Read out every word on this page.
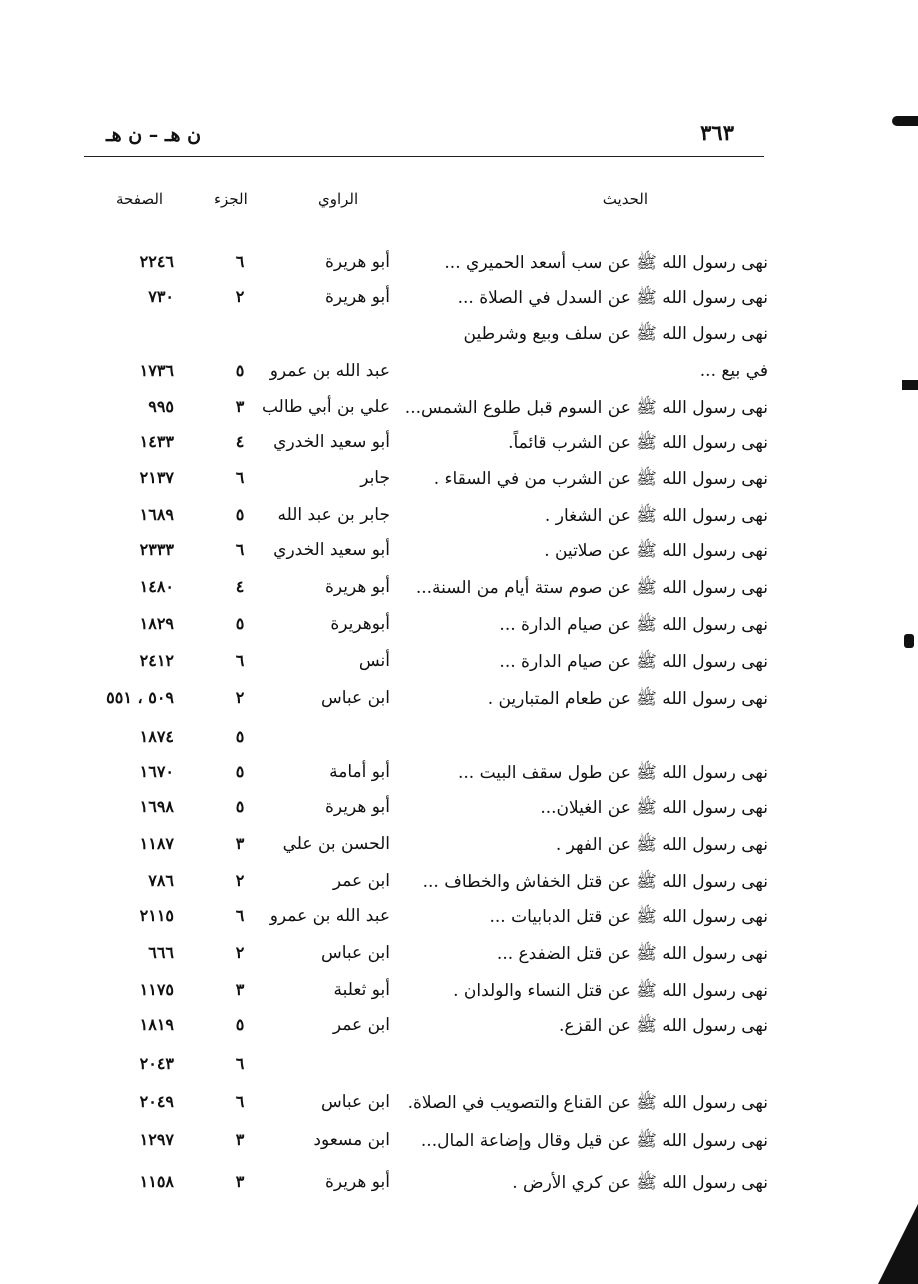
٣٦٣
ن هـ – ن هـ
الحديث
الراوي
الجزء
الصفحة
نهى رسول الله ﷺ عن سب أسعد الحميري ...
أبو هريرة
٦
٢٢٤٦
نهى رسول الله ﷺ عن السدل في الصلاة ...
أبو هريرة
٢
٧٣٠
نهى رسول الله ﷺ عن سلف وبيع وشرطين
في بيع ...
عبد الله بن عمرو
٥
١٧٣٦
نهى رسول الله ﷺ عن السوم قبل طلوع الشمس...
علي بن أبي طالب
٣
٩٩٥
نهى رسول الله ﷺ عن الشرب قائماً.
أبو سعيد الخدري
٤
١٤٣٣
نهى رسول الله ﷺ عن الشرب من في السقاء .
جابر
٦
٢١٣٧
نهى رسول الله ﷺ عن الشغار .
جابر بن عبد الله
٥
١٦٨٩
نهى رسول الله ﷺ عن صلاتين .
أبو سعيد الخدري
٦
٢٣٣٣
نهى رسول الله ﷺ عن صوم ستة أيام من السنة...
أبو هريرة
٤
١٤٨٠
نهى رسول الله ﷺ عن صيام الدارة ...
أبوهريرة
٥
١٨٢٩
نهى رسول الله ﷺ عن صيام الدارة ...
أنس
٦
٢٤١٢
نهى رسول الله ﷺ عن طعام المتبارين .
ابن عباس
٢
٥٠٩ ، ٥٥١
٥
١٨٧٤
نهى رسول الله ﷺ عن طول سقف البيت ...
أبو أمامة
٥
١٦٧٠
نهى رسول الله ﷺ عن الغيلان...
أبو هريرة
٥
١٦٩٨
نهى رسول الله ﷺ عن الفهر .
الحسن بن علي
٣
١١٨٧
نهى رسول الله ﷺ عن قتل الخفاش والخطاف ...
ابن عمر
٢
٧٨٦
نهى رسول الله ﷺ عن قتل الدبابيات ...
عبد الله بن عمرو
٦
٢١١٥
نهى رسول الله ﷺ عن قتل الضفدع ...
ابن عباس
٢
٦٦٦
نهى رسول الله ﷺ عن قتل النساء والولدان .
أبو ثعلبة
٣
١١٧٥
نهى رسول الله ﷺ عن القزع.
ابن عمر
٥
١٨١٩
٦
٢٠٤٣
نهى رسول الله ﷺ عن القناع والتصويب في الصلاة.
ابن عباس
٦
٢٠٤٩
نهى رسول الله ﷺ عن قيل وقال وإضاعة المال...
ابن مسعود
٣
١٢٩٧
نهى رسول الله ﷺ عن كري الأرض .
أبو هريرة
٣
١١٥٨
